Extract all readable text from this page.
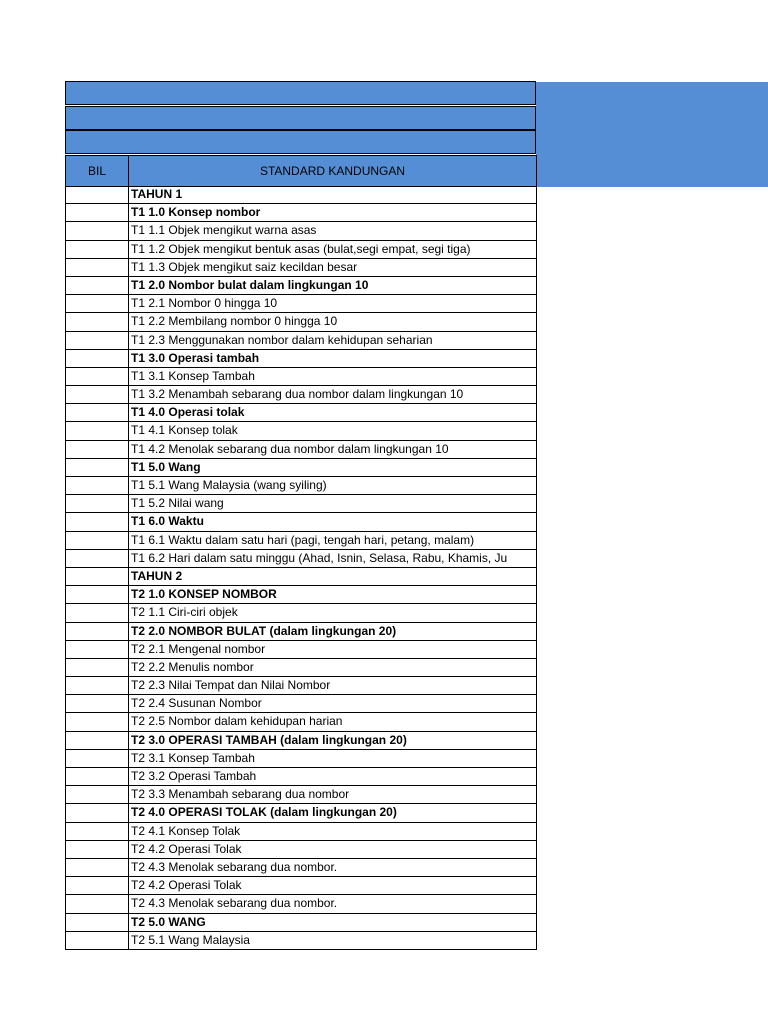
BIL	STANDARD KANDUNGAN
TAHUN 1
T1 1.0 Konsep nombor
T1 1.1 Objek mengikut warna asas
T1 1.2 Objek mengikut bentuk asas (bulat,segi empat, segi tiga)
T1 1.3 Objek mengikut saiz kecildan besar
T1 2.0 Nombor bulat dalam lingkungan 10
T1 2.1 Nombor 0 hingga 10
T1 2.2 Membilang nombor 0 hingga 10
T1 2.3 Menggunakan nombor dalam kehidupan seharian
T1 3.0 Operasi tambah
T1 3.1 Konsep Tambah
T1 3.2 Menambah sebarang dua nombor dalam lingkungan 10
T1 4.0 Operasi tolak
T1 4.1 Konsep tolak
T1 4.2 Menolak sebarang dua nombor dalam lingkungan 10
T1 5.0 Wang
T1 5.1 Wang Malaysia (wang syiling)
T1 5.2 Nilai wang
T1 6.0 Waktu
T1 6.1 Waktu dalam satu hari (pagi, tengah hari, petang, malam)
T1 6.2 Hari dalam satu minggu (Ahad, Isnin, Selasa, Rabu, Khamis, Ju
TAHUN 2
T2 1.0 KONSEP NOMBOR
T2 1.1 Ciri-ciri objek
T2 2.0 NOMBOR BULAT (dalam lingkungan 20)
T2 2.1 Mengenal nombor
T2 2.2 Menulis nombor
T2 2.3 Nilai Tempat dan Nilai Nombor
T2 2.4 Susunan Nombor
T2 2.5 Nombor dalam kehidupan harian
T2 3.0 OPERASI TAMBAH (dalam lingkungan 20)
T2 3.1 Konsep Tambah
T2 3.2 Operasi Tambah
T2 3.3 Menambah sebarang dua nombor
T2 4.0 OPERASI TOLAK (dalam lingkungan 20)
T2 4.1 Konsep Tolak
T2 4.2 Operasi Tolak
T2 4.3 Menolak sebarang dua nombor.
T2 4.2 Operasi Tolak
T2 4.3 Menolak sebarang dua nombor.
T2 5.0 WANG
T2 5.1 Wang Malaysia
